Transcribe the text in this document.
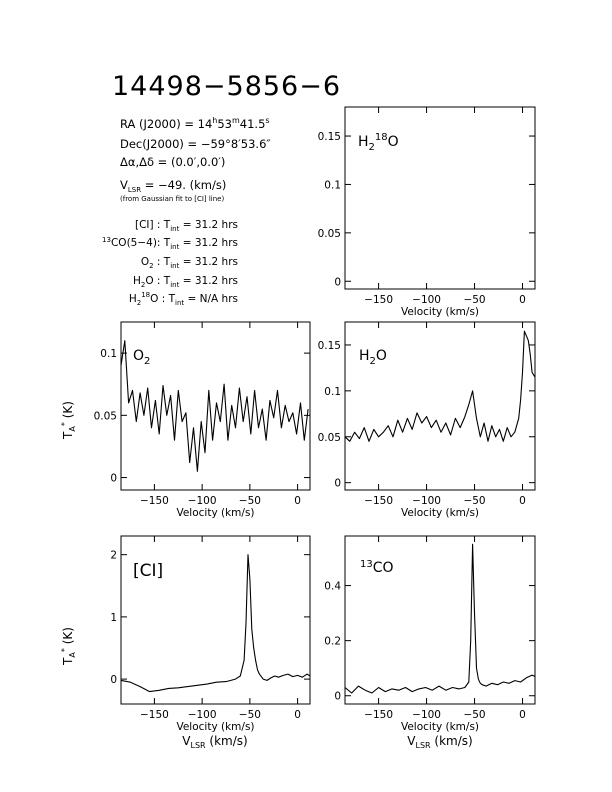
14498−5856−6
RA $(J2000) = 14^h53^m41.5^s$
Dec(J2000) = −59°8′53.6″
Δα,Δδ = (0.0′,0.0′)
$V_{LSR} = -49$. (km/s)
(from Gaussian fit to [CI] line)
[CI] : $T_{int} = 31.2$ hrs
$^{13}$CO(5−4): $T_{int} = 31.2$ hrs
$O_2$ : $T_{int} = 31.2$ hrs
$H_2O$ : $T_{int} = 31.2$ hrs
$H_2^{18}O$ : $T_{int} = N/A$ hrs	−150 −100 −50	0
0
0.05
0.1
0.15
Velocity (km/s)
−150 −100 −50	0
0
0.05
0.1
Velocity (km/s)
−150 −100 −50	0
0
0.05
0.1
0.15
Velocity (km/s)
−150 −100 −50	0
0
1
2
Velocity (km/s)
−150 −100 −50	0
0
0.2
0.4
Velocity (km/s)
$T_A^*$ (K)
$T_A^*$ (K)
$V_{LSR}$ (km/s)	$V_{LSR}$ (km/s)
$H_2^{18}O$
$O_2$	$H_2O$
[CI]	$^{13}$CO
